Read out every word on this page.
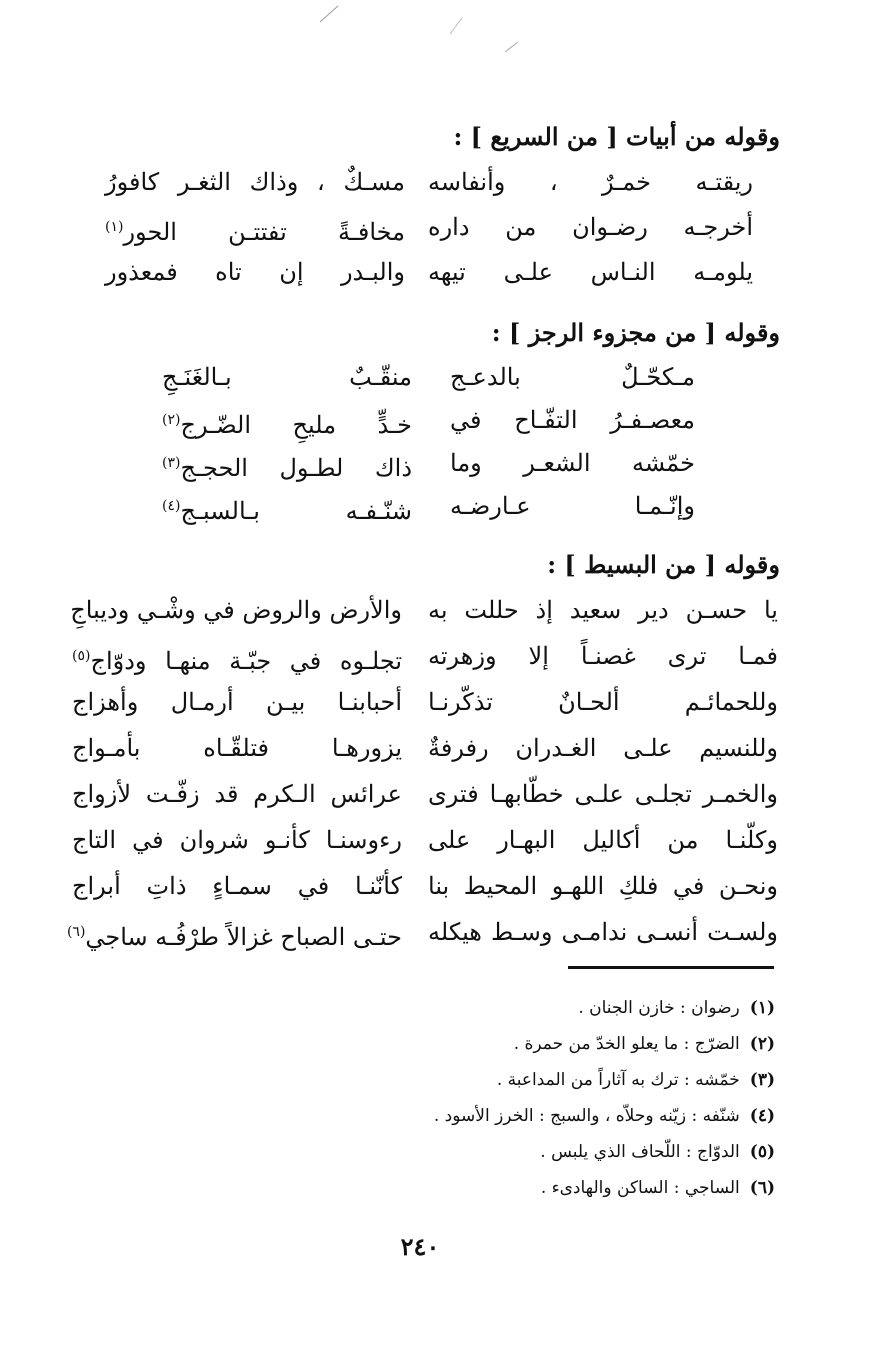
وقوله من أبيات [ من السريع ] :
ريقتـه خمـرٌ ، وأنفاسه
مسـكٌ ، وذاك الثغـر كافورُ
أخرجـه رضـوان من داره
مخافـةً تفتتـن الحور$^{(١)}$
يلومـه النـاس علـى تيهه
والبـدر إن تاه فمعذور
وقوله [ من مجزوء الرجز ] :
مـكحّـلٌ بالدعـج
منقّـبٌ بـالغَنَـجِ
معصـفـرُ التفّـاح في
خـدٍّ مليحِ الضّـرج$^{(٢)}$
خمّشه الشعـر وما
ذاك لطـول الحجـج$^{(٣)}$
وإنّـمـا عـارضـه
شنّـفـه بـالسبـج$^{(٤)}$
وقوله [ من البسيط ] :
يا حسـن دير سعيد إذ حللت به
والأرض والروض في وشْـي وديباجِ
فمـا ترى غصنـاً إلا وزهرته
تجلـوه في جبّـة منهـا ودوّاج$^{(٥)}$
وللحمائـم ألحـانٌ تذكّرنـا
أحبابنـا بيـن أرمـال وأهزاج
وللنسيم علـى الغـدران رفرفةٌ
يزورهـا فتلقّـاه بأمـواج
والخمـر تجلـى علـى خطّابهـا فترى
عرائس الـكرم قد زفّـت لأزواج
وكلّنـا من أكاليل البهـار على
رءوسنـا كأنـو شروان في التاج
ونحـن في فلكِ اللهـو المحيط بنا
كأنّنـا في سمـاءٍ ذاتِ أبراج
ولسـت أنسـى ندامـى وسـط هيكله
حتـى الصباح غزالاً طرْفُـه ساجي$^{(٦)}$
(١)رضوان : خازن الجنان .
(٢)الضرّج : ما يعلو الخدّ من حمرة .
(٣)خمّشه : ترك به آثاراً من المداعبة .
(٤)شنّفه : زيّنه وحلاّه ، والسبج : الخرز الأسود .
(٥)الدوّاج : اللّحاف الذي يلبس .
(٦)الساجي : الساكن والهادىء .
٢٤٠
